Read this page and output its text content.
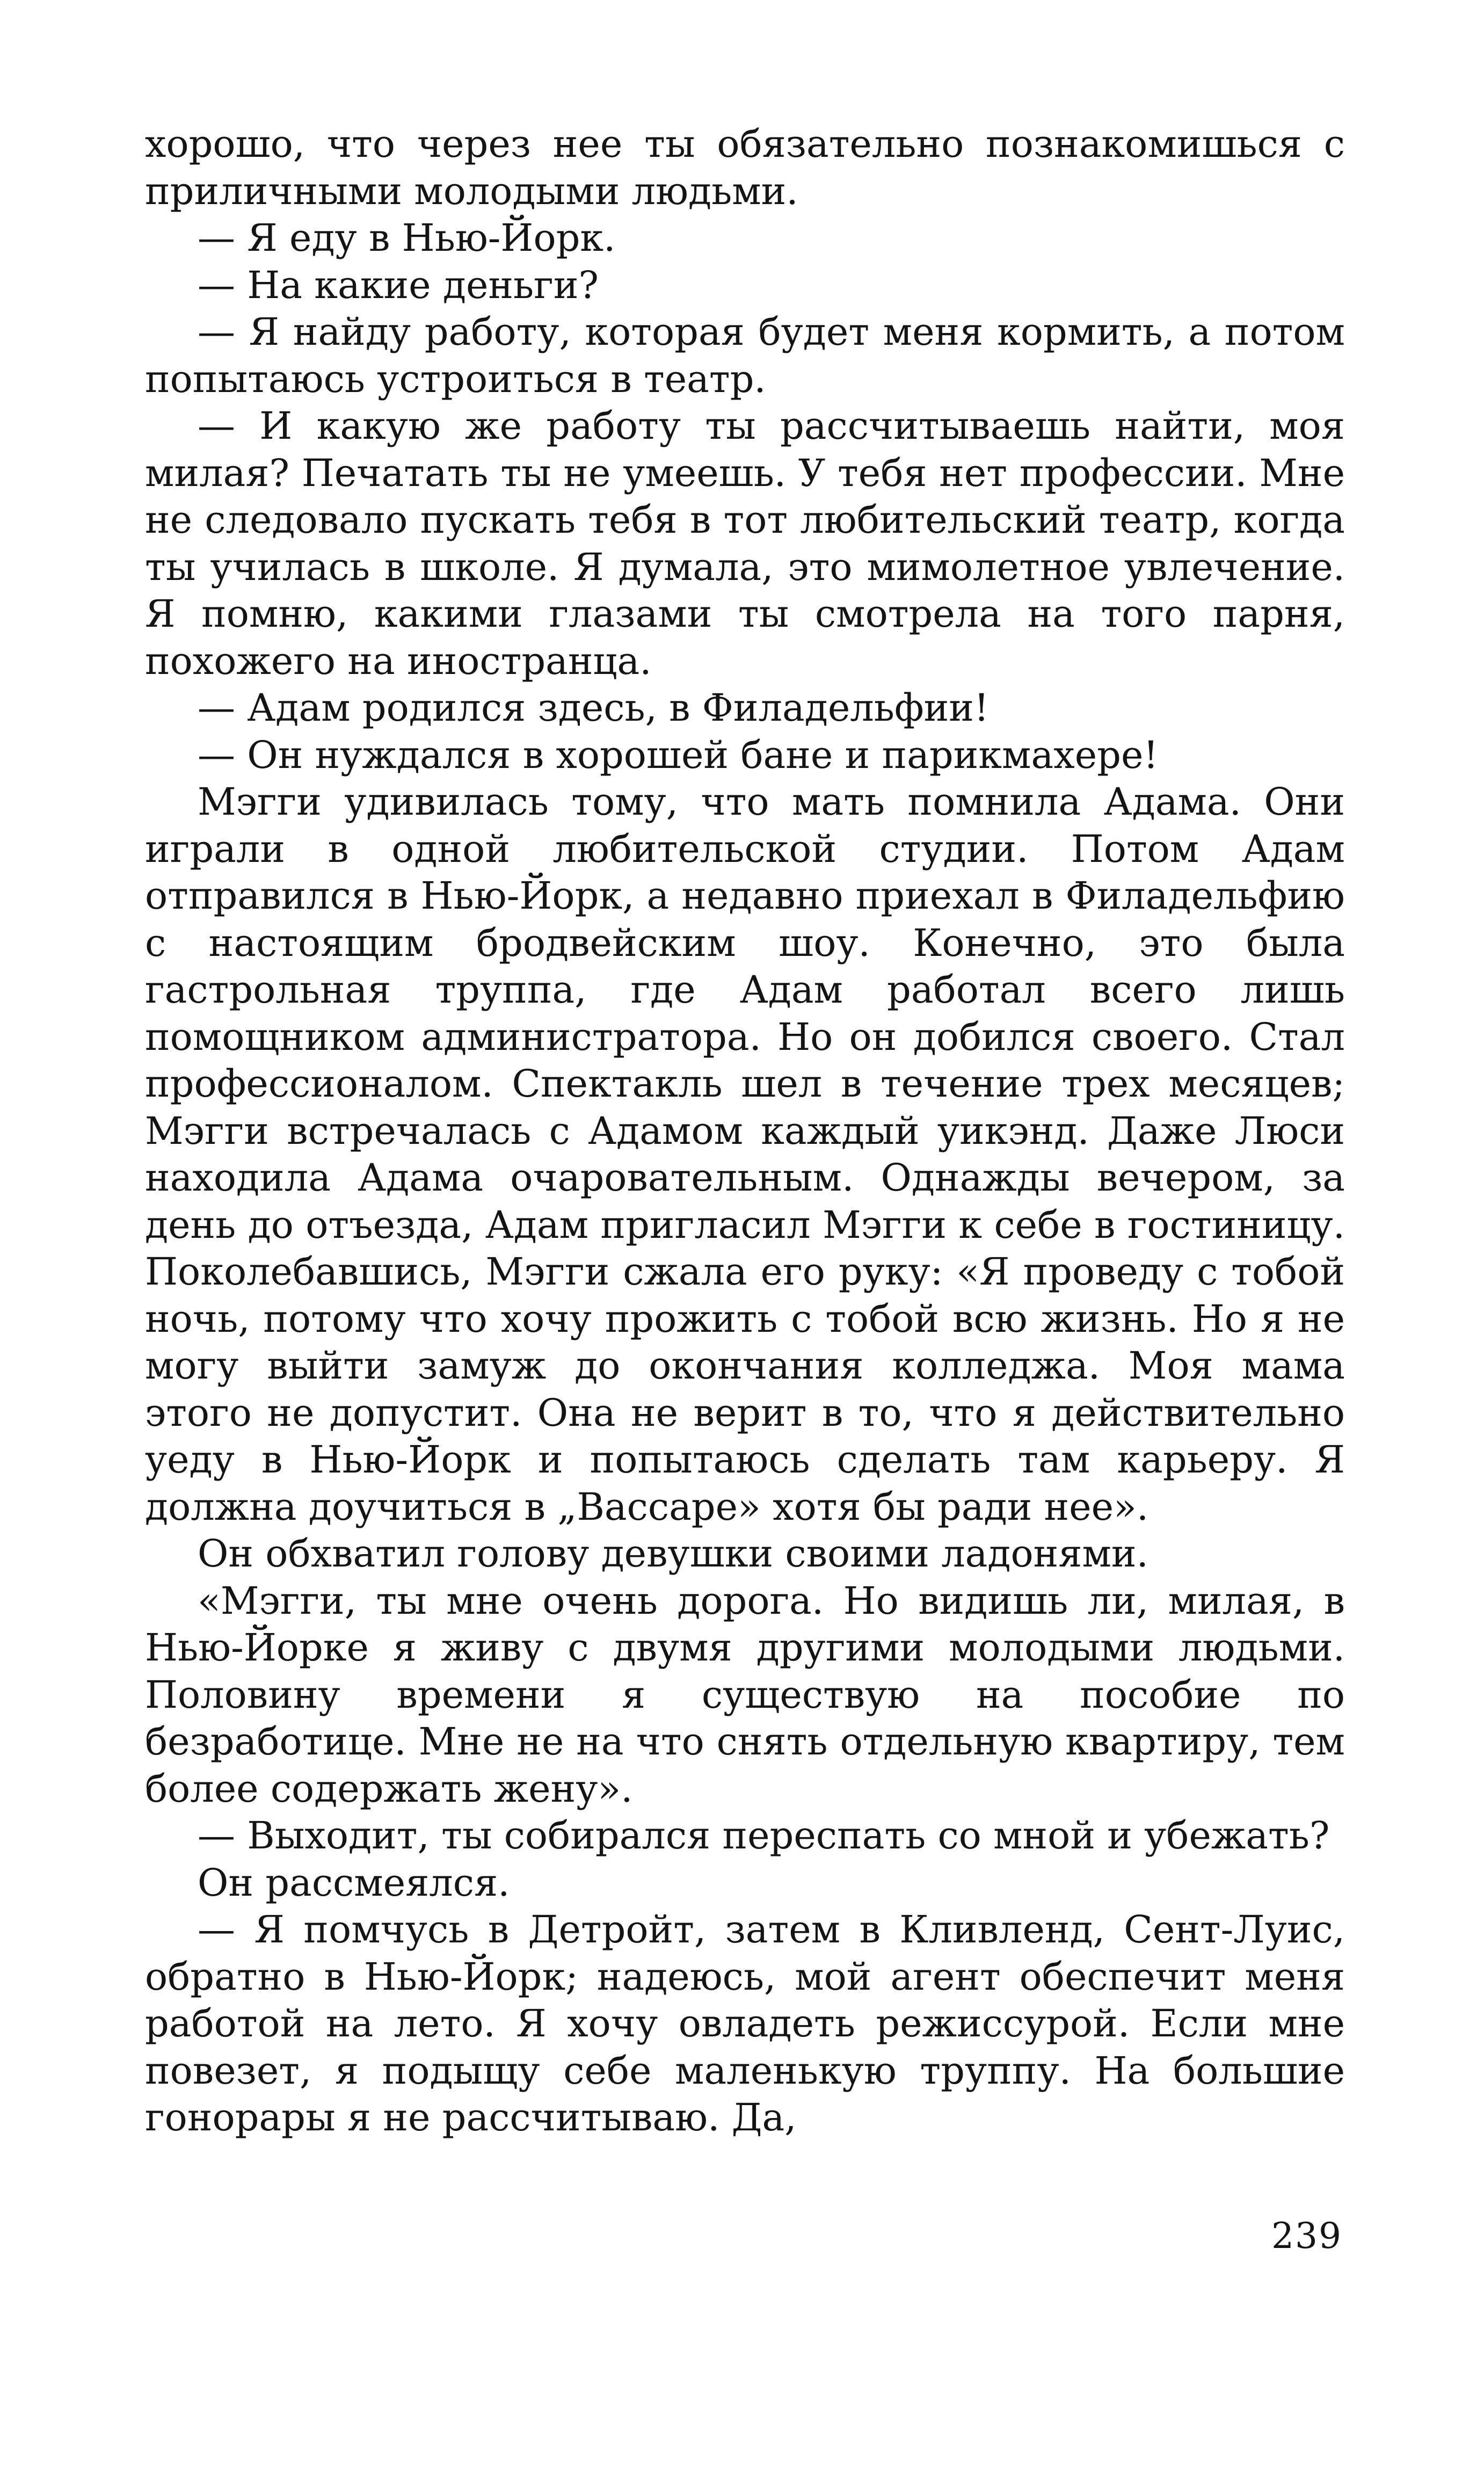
хорошо, что через нее ты обязательно познакомишься с приличными молодыми людьми.

— Я еду в Нью-Йорк.

— На какие деньги?

— Я найду работу, которая будет меня кормить, а потом попытаюсь устроиться в театр.

— И какую же работу ты рассчитываешь найти, моя милая? Печатать ты не умеешь. У тебя нет профессии. Мне не следовало пускать тебя в тот любительский театр, когда ты училась в школе. Я думала, это мимолетное увлечение. Я помню, какими глазами ты смотрела на того парня, похожего на иностранца.

— Адам родился здесь, в Филадельфии!

— Он нуждался в хорошей бане и парикмахере!

Мэгги удивилась тому, что мать помнила Адама. Они играли в одной любительской студии. Потом Адам отправился в Нью-Йорк, а недавно приехал в Филадельфию с настоящим бродвейским шоу. Конечно, это была гастрольная труппа, где Адам работал всего лишь помощником администратора. Но он добился своего. Стал профессионалом. Спектакль шел в течение трех месяцев; Мэгги встречалась с Адамом каждый уикэнд. Даже Люси находила Адама очаровательным. Однажды вечером, за день до отъезда, Адам пригласил Мэгги к себе в гостиницу. Поколебавшись, Мэгги сжала его руку: «Я проведу с тобой ночь, потому что хочу прожить с тобой всю жизнь. Но я не могу выйти замуж до окончания колледжа. Моя мама этого не допустит. Она не верит в то, что я действительно уеду в Нью-Йорк и попытаюсь сделать там карьеру. Я должна доучиться в „Вассаре» хотя бы ради нее».

Он обхватил голову девушки своими ладонями.

«Мэгги, ты мне очень дорога. Но видишь ли, милая, в Нью-Йорке я живу с двумя другими молодыми людьми. Половину времени я существую на пособие по безработице. Мне не на что снять отдельную квартиру, тем более содержать жену».

— Выходит, ты собирался переспать со мной и убежать?

Он рассмеялся.

— Я помчусь в Детройт, затем в Кливленд, Сент-Луис, обратно в Нью-Йорк; надеюсь, мой агент обеспечит меня работой на лето. Я хочу овладеть режиссурой. Если мне повезет, я подыщу себе маленькую труппу. На большие гонорары я не рассчитываю. Да,

239
